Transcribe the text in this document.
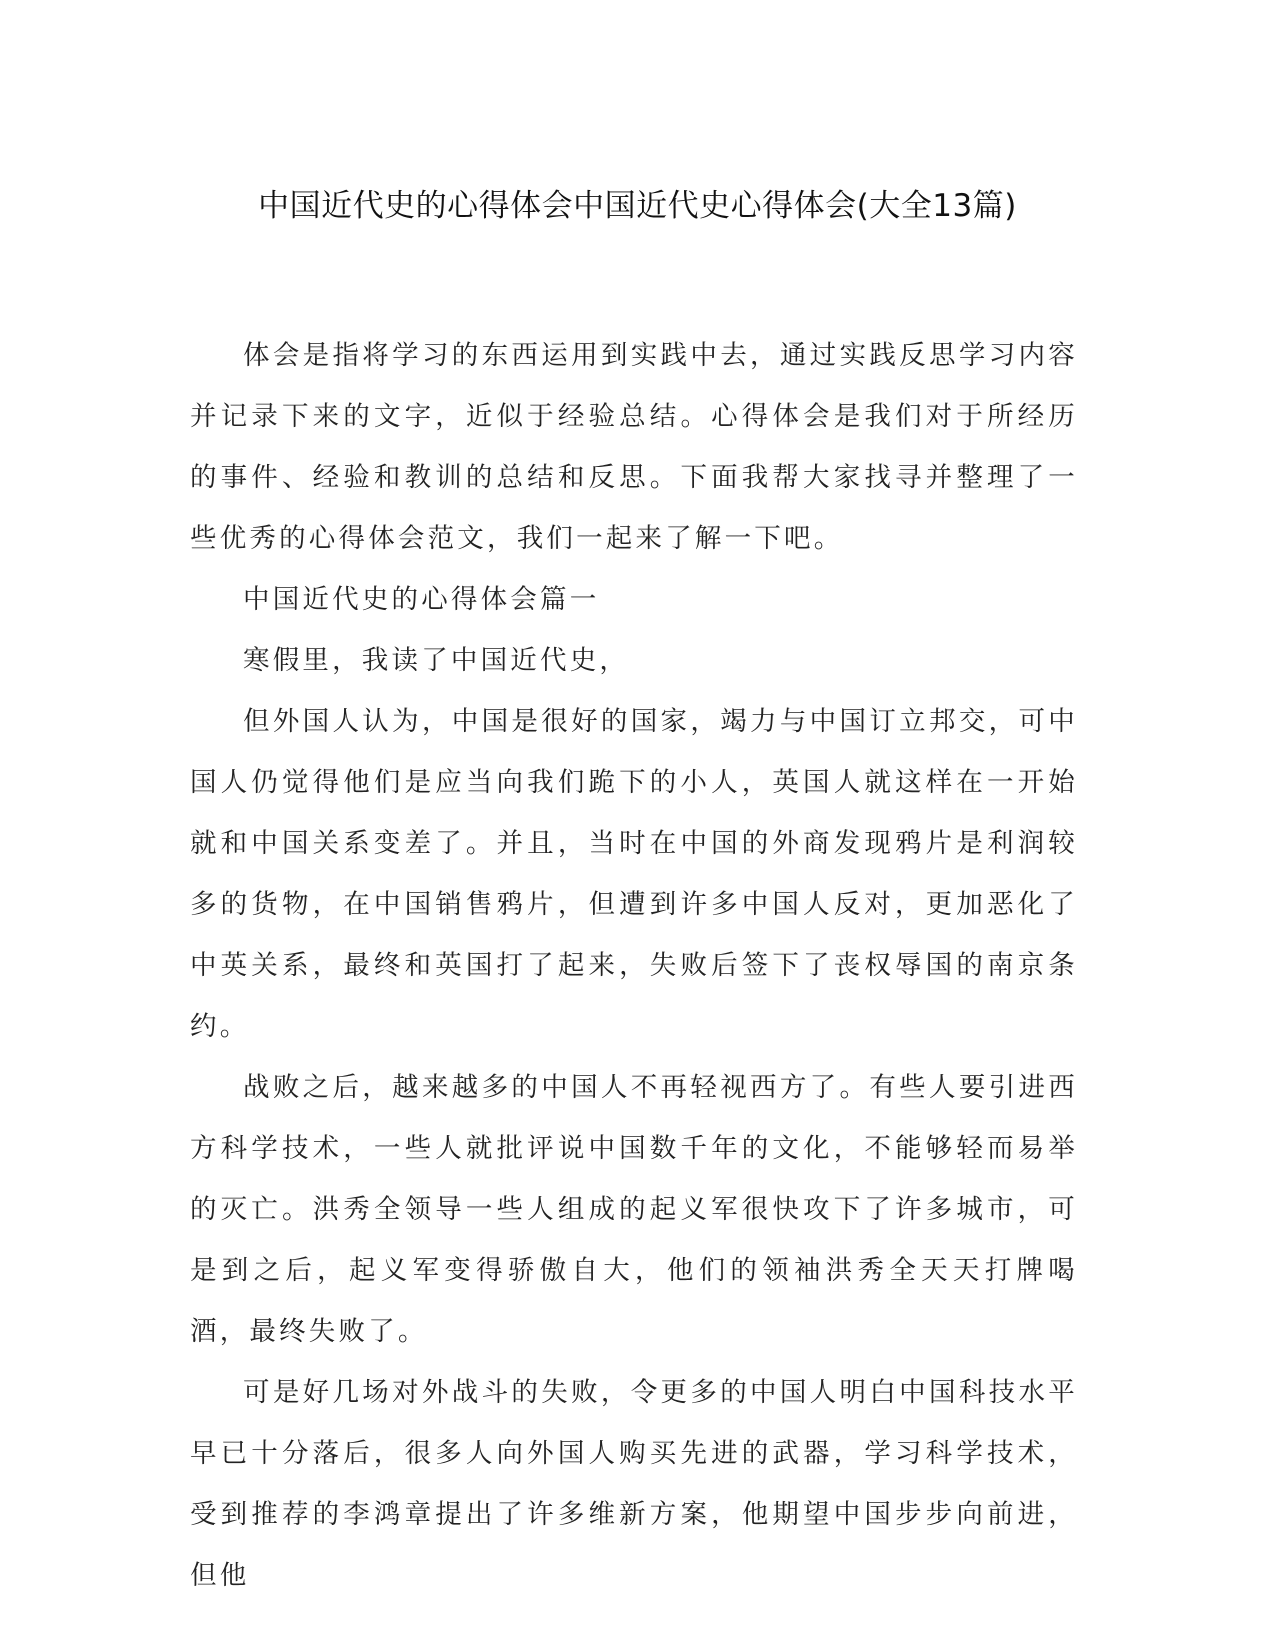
中国近代史的心得体会中国近代史心得体会(大全13篇)

体会是指将学习的东西运用到实践中去，通过实践反思学习内容并记录下来的文字，近似于经验总结。心得体会是我们对于所经历的事件、经验和教训的总结和反思。下面我帮大家找寻并整理了一些优秀的心得体会范文，我们一起来了解一下吧。

中国近代史的心得体会篇一

寒假里，我读了中国近代史，

但外国人认为，中国是很好的国家，竭力与中国订立邦交，可中国人仍觉得他们是应当向我们跪下的小人，英国人就这样在一开始就和中国关系变差了。并且，当时在中国的外商发现鸦片是利润较多的货物，在中国销售鸦片，但遭到许多中国人反对，更加恶化了中英关系，最终和英国打了起来，失败后签下了丧权辱国的南京条约。

战败之后，越来越多的中国人不再轻视西方了。有些人要引进西方科学技术，一些人就批评说中国数千年的文化，不能够轻而易举的灭亡。洪秀全领导一些人组成的起义军很快攻下了许多城市，可是到之后，起义军变得骄傲自大，他们的领袖洪秀全天天打牌喝酒，最终失败了。

可是好几场对外战斗的失败，令更多的中国人明白中国科技水平早已十分落后，很多人向外国人购买先进的武器，学习科学技术，受到推荐的李鸿章提出了许多维新方案，他期望中国步步向前进，但他
